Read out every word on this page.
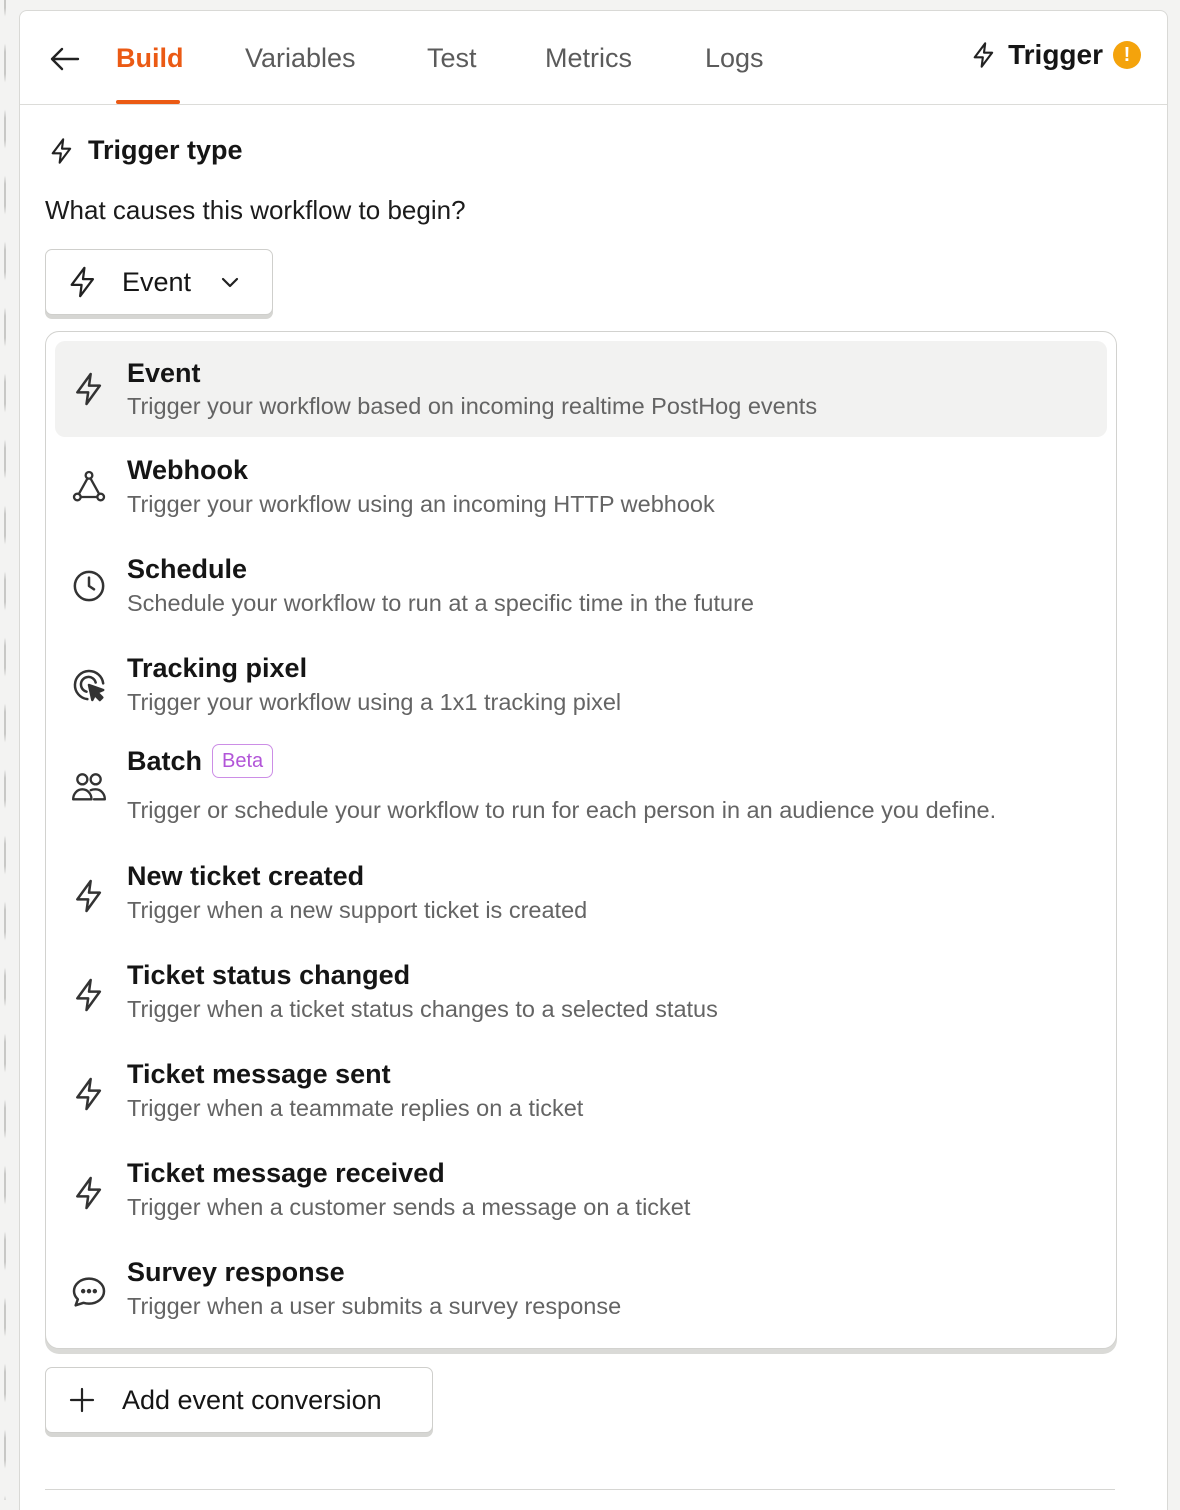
Build Variables	Test	Metrics	Logs	Trigger	!
Trigger type
What causes this workflow to begin?
Event
Event
Trigger your workflow based on incoming realtime PostHog events
Webhook
Trigger your workflow using an incoming HTTP webhook
Schedule
Schedule your workflow to run at a specific time in the future
Tracking pixel
Trigger your workflow using a 1x1 tracking pixel
Batch	Beta
Trigger or schedule your workflow to run for each person in an audience you define.
New ticket created
Trigger when a new support ticket is created
Ticket status changed
Trigger when a ticket status changes to a selected status
Ticket message sent
Trigger when a teammate replies on a ticket
Ticket message received
Trigger when a customer sends a message on a ticket
Survey response
Trigger when a user submits a survey response
Add event conversion
